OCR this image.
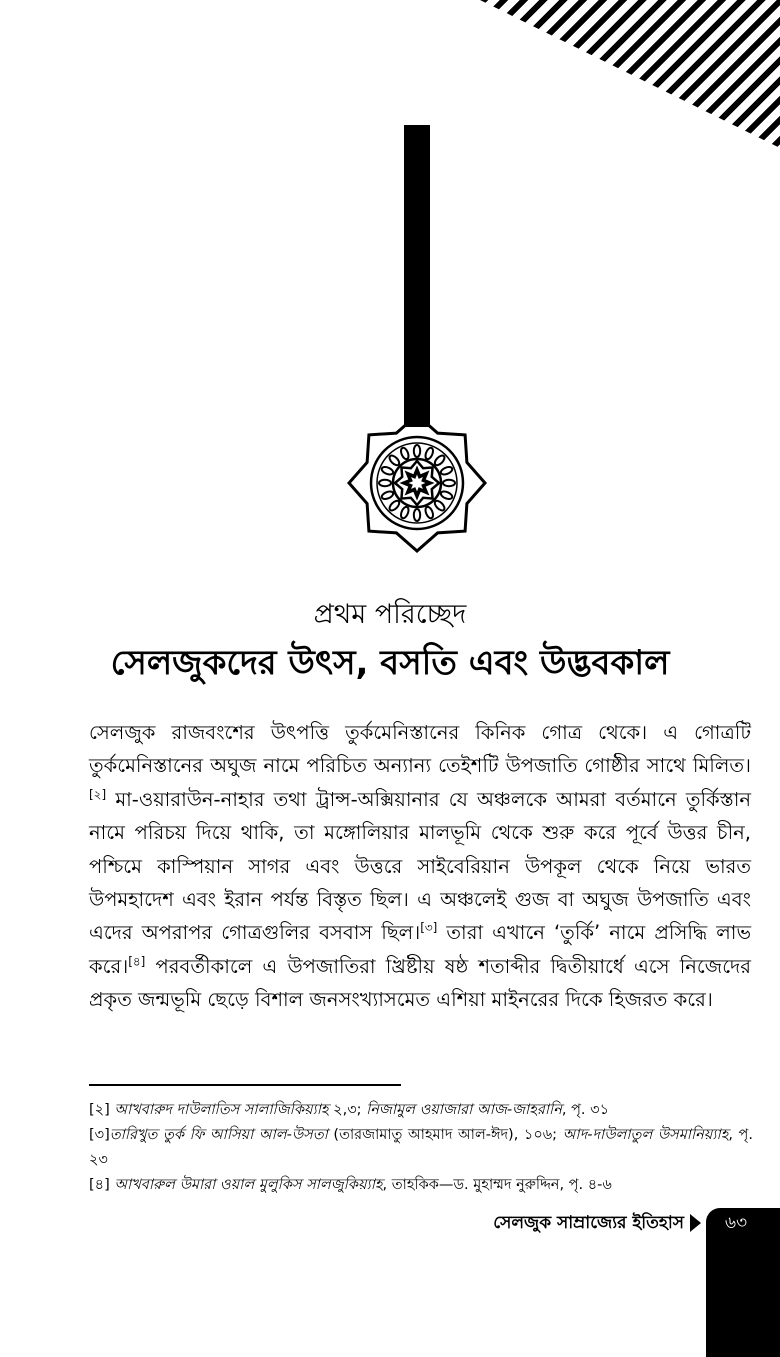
প্রথম পরিচ্ছেদ
সেলজুকদের উৎস, বসতি এবং উদ্ভবকাল
সেলজুক রাজবংশের উৎপত্তি তুর্কমেনিস্তানের কিনিক গোত্র থেকে। এ গোত্রটি তুর্কমেনিস্তানের অঘুজ নামে পরিচিত অন্যান্য তেইশটি উপজাতি গোষ্ঠীর সাথে মিলিত।[২] মা-ওয়ারাউন-নাহার তথা ট্রান্স-অক্সিয়ানার যে অঞ্চলকে আমরা বর্তমানে তুর্কিস্তান নামে পরিচয় দিয়ে থাকি, তা মঙ্গোলিয়ার মালভূমি থেকে শুরু করে পূর্বে উত্তর চীন, পশ্চিমে কাস্পিয়ান সাগর এবং উত্তরে সাইবেরিয়ান উপকূল থেকে নিয়ে ভারত উপমহাদেশ এবং ইরান পর্যন্ত বিস্তৃত ছিল। এ অঞ্চলেই গুজ বা অঘুজ উপজাতি এবং এদের অপরাপর গোত্রগুলির বসবাস ছিল।[৩] তারা এখানে ‘তুর্কি’ নামে প্রসিদ্ধি লাভ করে।[৪] পরবর্তীকালে এ উপজাতিরা খ্রিষ্টীয় ষষ্ঠ শতাব্দীর দ্বিতীয়ার্ধে এসে নিজেদের প্রকৃত জন্মভূমি ছেড়ে বিশাল জনসংখ্যাসমেত এশিয়া মাইনরের দিকে হিজরত করে।

[২] আখবারুদ দাউলাতিস সালাজিকিয়্যাহ ২,৩; নিজামুল ওয়াজারা আজ-জাহরানি, পৃ. ৩১

[৩]তারিখুত তুর্ক ফি আসিয়া আল-উসতা (তারজামাতু আহমাদ আল-ঈদ), ১০৬; আদ-দাউলাতুল উসমানিয়্যাহ, পৃ. ২৩

[৪] আখবারুল উমারা ওয়াল মুলুকিস সালজুকিয়্যাহ, তাহকিক—ড. মুহাম্মদ নুরুদ্দিন, পৃ. ৪-৬

সেলজুক সাম্রাজ্যের ইতিহাস	৬৩
